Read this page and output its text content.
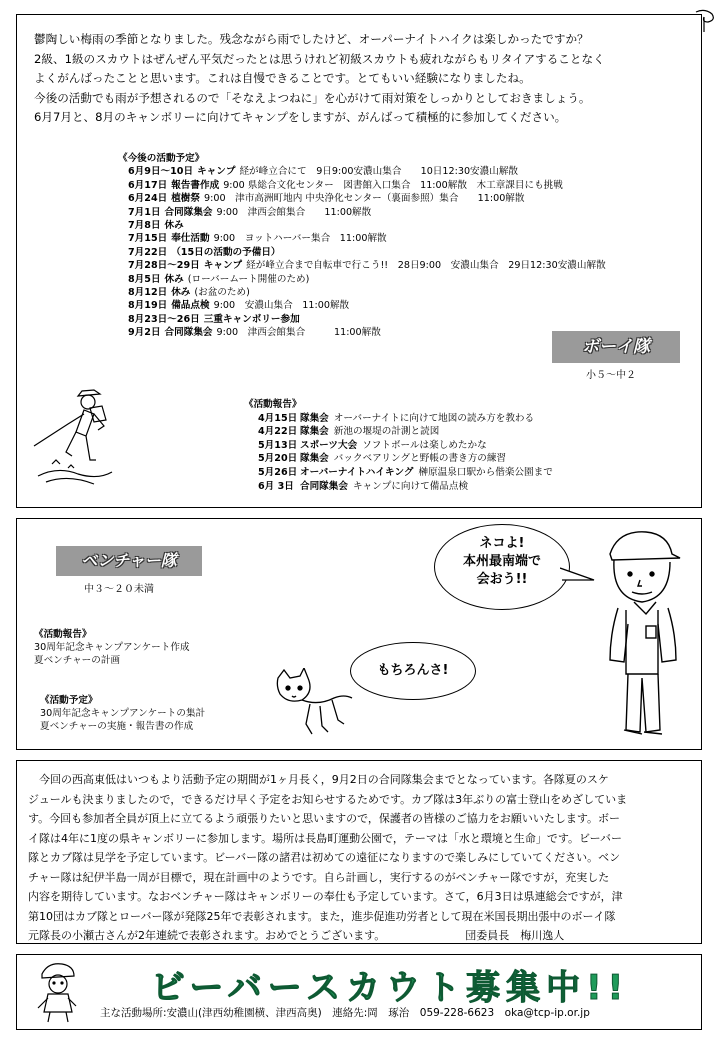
鬱陶しい梅雨の季節となりました。残念ながら雨でしたけど、オーパーナイトハイクは楽しかったですか？
2級、1級のスカウトはぜんぜん平気だったとは思うけれど初級スカウトも疲れながらもリタイアすることなく
よくがんばったことと思います。これは自慢できることです。とてもいい経験になりましたね。
今後の活動でも雨が予想されるので「そなえよつねに」を心がけて雨対策をしっかりとしておきましょう。
6月7月と、8月のキャンボリーに向けてキャンプをしますが、がんばって積極的に参加してください。
《今後の活動予定》
6月9日～10日 キャンプ 経が峰立合にて　9日9:00安濃山集合　　10日12:30安濃山解散
6月17日 報告書作成 9:00 県総合文化センター　図書館入口集合　11:00解散　木工章課目にも挑戦
6月24日 植樹祭 9:00　津市高洲町地内 中央浄化センター（裏面参照）集合　　11:00解散
7月1日 合同隊集会 9:00　津西会館集合　　11:00解散
7月8日 休み
7月15日 奉仕活動 9:00　ヨットハーバー集合　11:00解散
7月22日 （15日の活動の予備日）
7月28日～29日 キャンプ 経が峰立合まで自転車で行こう!!　28日9:00　安濃山集合　29日12:30安濃山解散
8月5日 休み (ローバームート開催のため)
8月12日 休み (お盆のため)
8月19日 備品点検 9:00　安濃山集合　11:00解散
8月23日～26日 三重キャンボリー参加
9月2日 合同隊集会 9:00　津西会館集合　　　11:00解散
ボーイ隊
小５～中２
《活動報告》
4月15日 隊集会 オーバーナイトに向けて地図の読み方を教わる
4月22日 隊集会 新池の堰堤の計測と読図
5月13日 スポーツ大会 ソフトボールは楽しめたかな
5月20日 隊集会 バックベアリングと野帳の書き方の練習
5月26日 オーバーナイトハイキング 榊原温泉口駅から偕楽公園まで
6月 3日 合同隊集会 キャンプに向けて備品点検
ベンチャー隊
中３～２０未満
《活動報告》
30周年記念キャンプアンケート作成
夏ベンチャーの計画
《活動予定》
30周年記念キャンプアンケートの集計
夏ベンチャーの実施・報告書の作成
ネコよ!
本州最南端で
会おう!!
もちろんさ!
　今回の西高東低はいつもより活動予定の期間が1ヶ月長く，9月2日の合同隊集会までとなっています。各隊夏のスケ
ジュールも決まりましたので，できるだけ早く予定をお知らせするためです。カブ隊は3年ぶりの富士登山をめざしていま
す。今回も参加者全員が頂上に立てるよう頑張りたいと思いますので，保護者の皆様のご協力をお願いいたします。ボー
イ隊は4年に1度の県キャンボリーに参加します。場所は長島町運動公園で，テーマは「水と環境と生命」です。ビーバー
隊とカブ隊は見学を予定しています。ビーバー隊の諸君は初めての遠征になりますので楽しみにしていてください。ベン
チャー隊は紀伊半島一周が目標で，現在計画中のようです。自ら計画し，実行するのがベンチャー隊ですが，充実した
内容を期待しています。なおベンチャー隊はキャンボリーの奉仕も予定しています。さて，6月3日は県連総会ですが，津
第10団はカブ隊とローバー隊が発隊25年で表彰されます。また，進歩促進功労者として現在米国長期出張中のボーイ隊
元隊長の小瀬古さんが2年連続で表彰されます。おめでとうございます。	団委員長　梅川逸人
ビーバースカウト募集中!!
主な活動場所:安濃山(津西幼稚園横、津西高奥)　連絡先:岡　琢治　059-228-6623　oka@tcp-ip.or.jp
